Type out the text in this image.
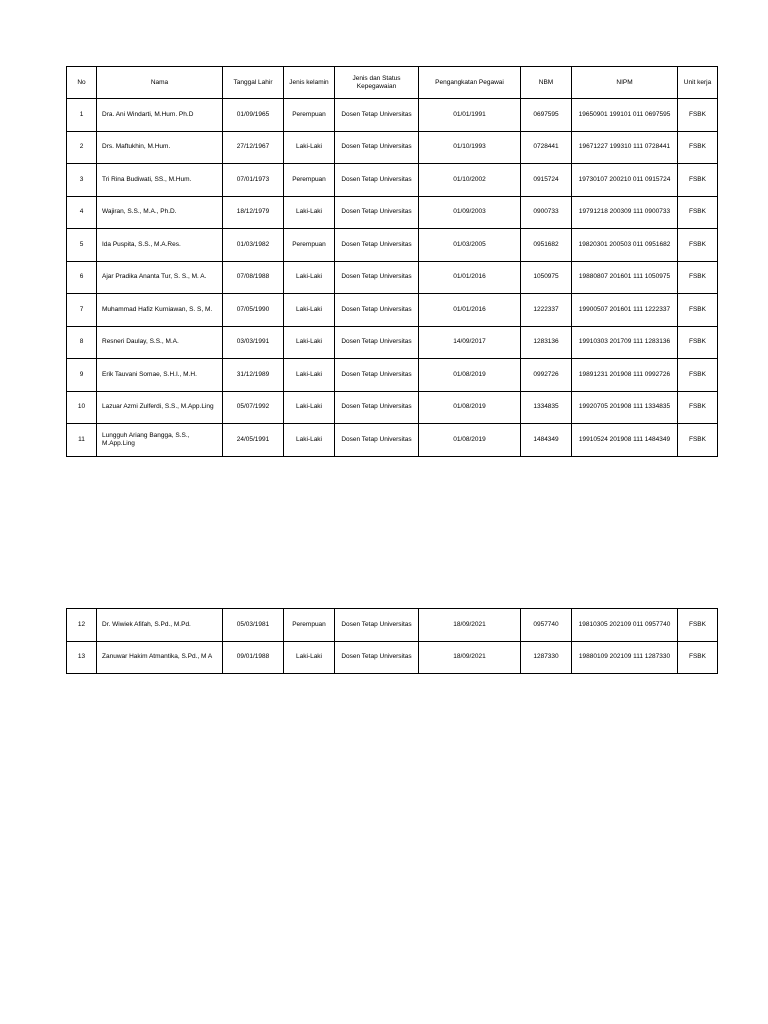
No	Nama	Tanggal Lahir	Jenis kelamin	Jenis dan Status Kepegawaian	Pengangkatan Pegawai	NBM	NIPM	Unit kerja
1	Dra. Ani Windarti, M.Hum. Ph.D	01/09/1965	Perempuan	Dosen Tetap Universitas	01/01/1991	0697595	19650901 199101 011 0697595	FSBK
2	Drs. Maftukhin, M.Hum.	27/12/1967	Laki-Laki	Dosen Tetap Universitas	01/10/1993	0728441	19671227 199310 111 0728441	FSBK
3	Tri Rina Budiwati, SS., M.Hum.	07/01/1973	Perempuan	Dosen Tetap Universitas	01/10/2002	0915724	19730107 200210 011 0915724	FSBK
4	Wajiran, S.S., M.A., Ph.D.	18/12/1979	Laki-Laki	Dosen Tetap Universitas	01/09/2003	0900733	19791218 200309 111 0900733	FSBK
5	Ida Puspita, S.S., M.A.Res.	01/03/1982	Perempuan	Dosen Tetap Universitas	01/03/2005	0951682	19820301 200503 011 0951682	FSBK
6	Ajar Pradika Ananta Tur, S. S., M. A.	07/08/1988	Laki-Laki	Dosen Tetap Universitas	01/01/2016	1050975	19880807 201601 111 1050975	FSBK
7	Muhammad Hafiz Kurniawan, S. S, M.	07/05/1990	Laki-Laki	Dosen Tetap Universitas	01/01/2016	1222337	19900507 201601 111 1222337	FSBK
8	Resneri Daulay, S.S., M.A.	03/03/1991	Laki-Laki	Dosen Tetap Universitas	14/09/2017	1283136	19910303 201709 111 1283136	FSBK
9	Erik Tauvani Somae, S.H.I., M.H.	31/12/1989	Laki-Laki	Dosen Tetap Universitas	01/08/2019	0992726	19891231 201908 111 0992726	FSBK
10	Lazuar Azmi Zulferdi, S.S., M.App.Ling	05/07/1992	Laki-Laki	Dosen Tetap Universitas	01/08/2019	1334835	19920705 201908 111 1334835	FSBK
11	Lungguh Ariang Bangga, S.S., M.App.Ling	24/05/1991	Laki-Laki	Dosen Tetap Universitas	01/08/2019	1484349	19910524 201908 111 1484349	FSBK
12	Dr. Wiwiek Afifah, S.Pd., M.Pd.	05/03/1981	Perempuan	Dosen Tetap Universitas	18/09/2021	0957740	19810305 202109 011 0957740	FSBK
13	Zanuwar Hakim Atmantika, S.Pd., M A	09/01/1988	Laki-Laki	Dosen Tetap Universitas	18/09/2021	1287330	19880109 202109 111 1287330	FSBK
